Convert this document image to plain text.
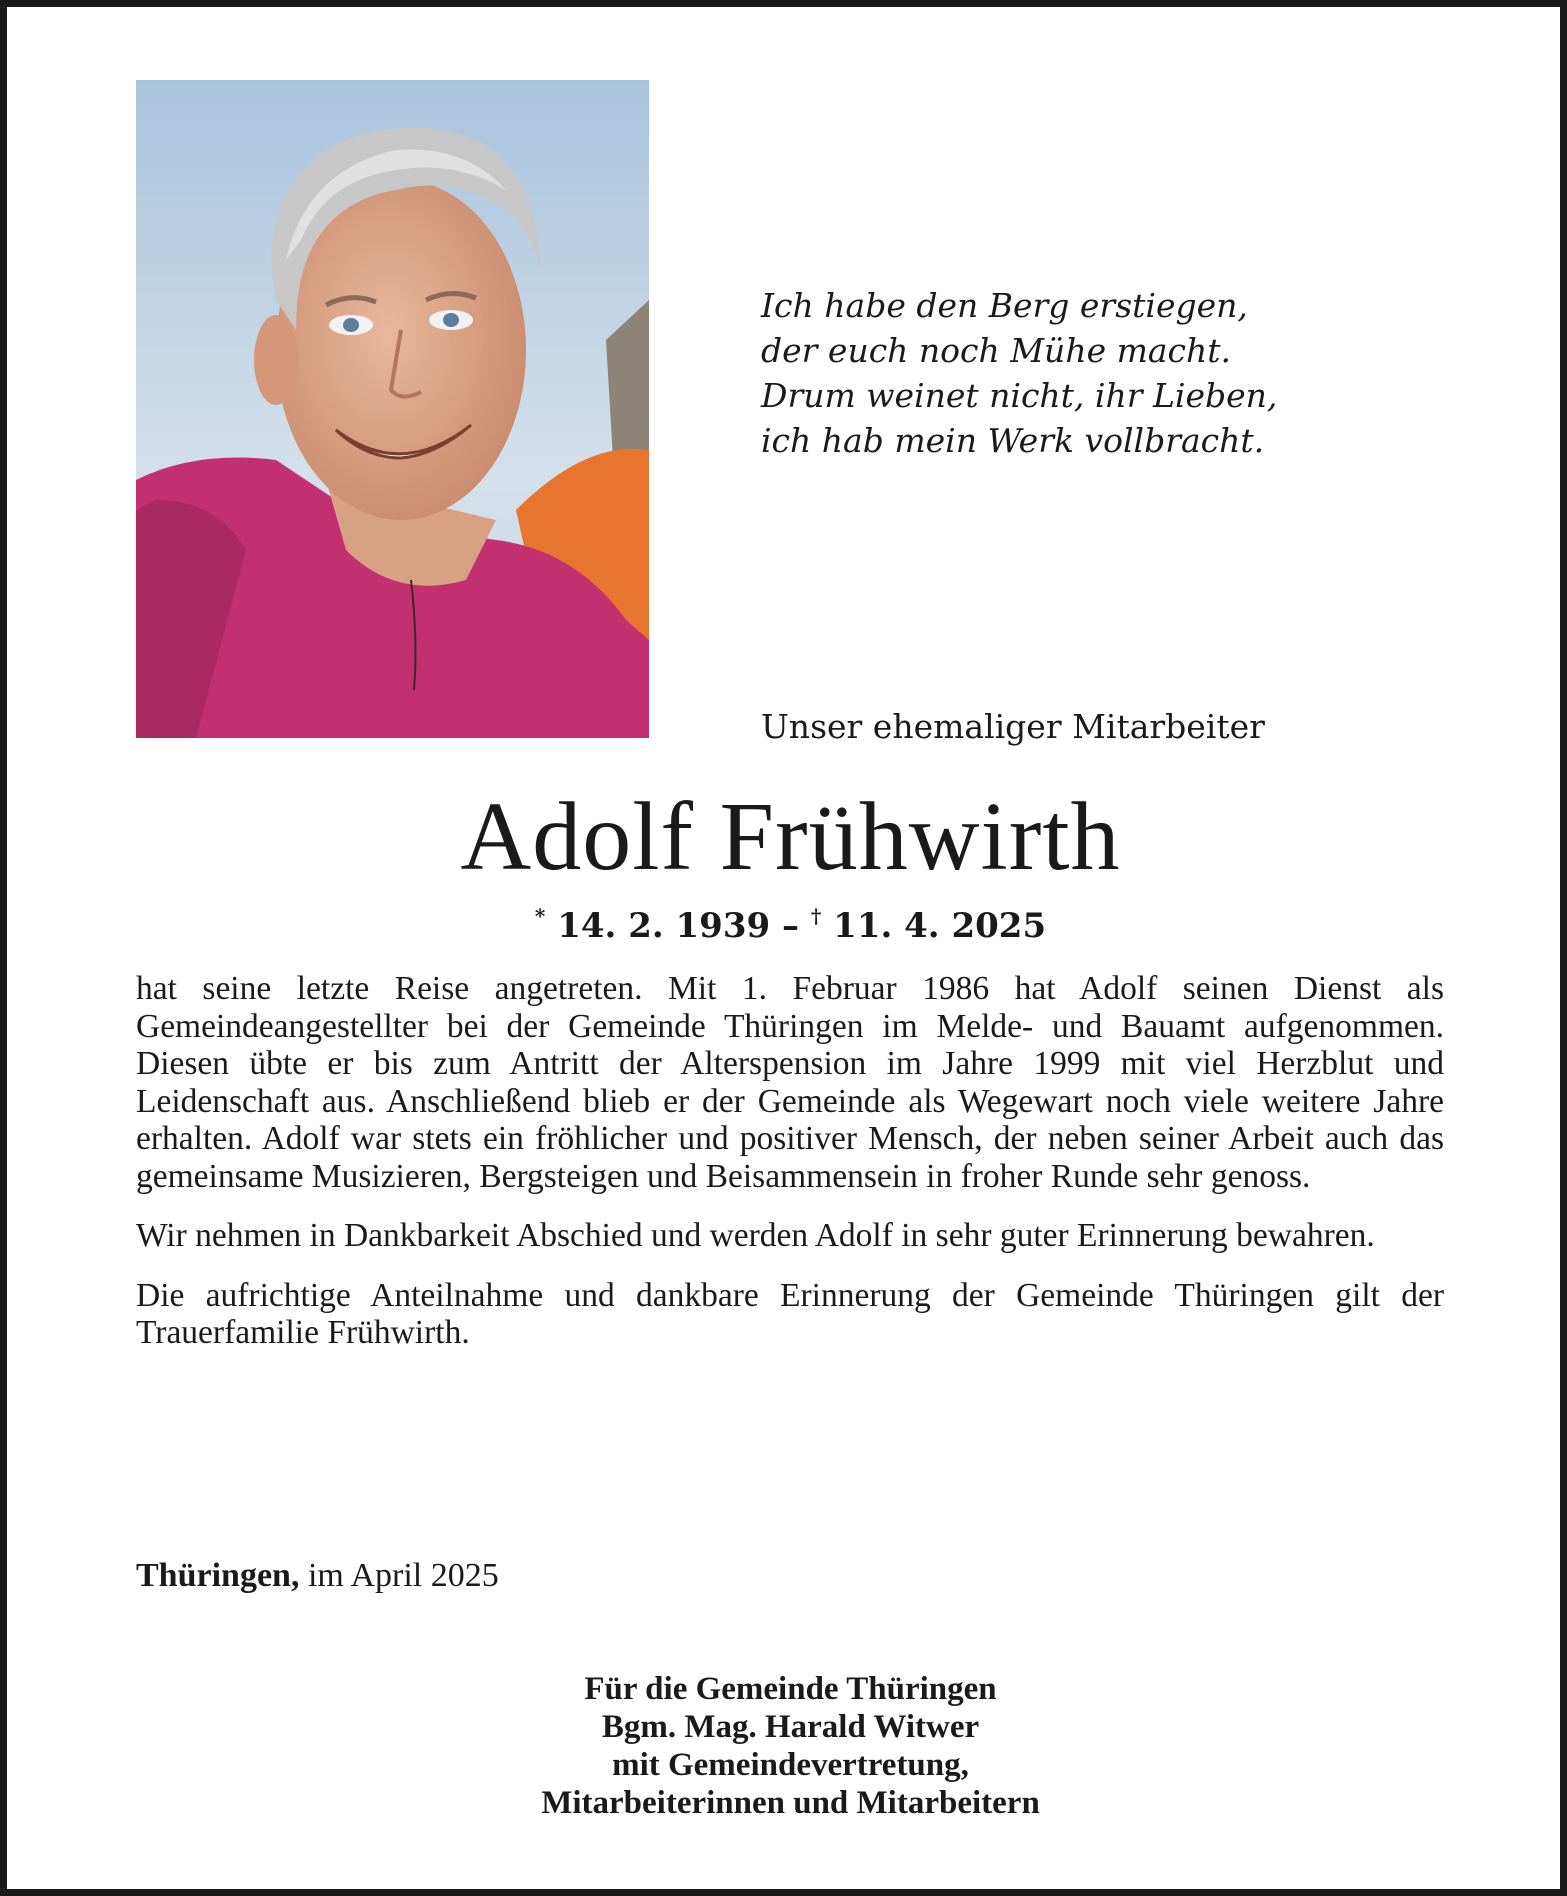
Ich habe den Berg erstiegen,
der euch noch Mühe macht.
Drum weinet nicht, ihr Lieben,
ich hab mein Werk vollbracht.
Unser ehemaliger Mitarbeiter
Adolf Frühwirth
* 14. 2. 1939 – † 11. 4. 2025

hat seine letzte Reise angetreten. Mit 1. Februar 1986 hat Adolf seinen Dienst als Gemeindeangestellter bei der Gemeinde Thüringen im Melde- und Bauamt aufgenommen. Diesen übte er bis zum Antritt der Alterspension im Jahre 1999 mit viel Herzblut und Leidenschaft aus. Anschließend blieb er der Gemeinde als Wegewart noch viele weitere Jahre erhalten. Adolf war stets ein fröhlicher und positiver Mensch, der neben seiner Arbeit auch das gemeinsame Musizieren, Bergsteigen und Beisammensein in froher Runde sehr genoss.

Wir nehmen in Dankbarkeit Abschied und werden Adolf in sehr guter Erinnerung bewahren.

Die aufrichtige Anteilnahme und dankbare Erinnerung der Gemeinde Thüringen gilt der Trauerfamilie Frühwirth.

Thüringen, im April 2025
Für die Gemeinde Thüringen
Bgm. Mag. Harald Witwer
mit Gemeindevertretung,
Mitarbeiterinnen und Mitarbeitern
